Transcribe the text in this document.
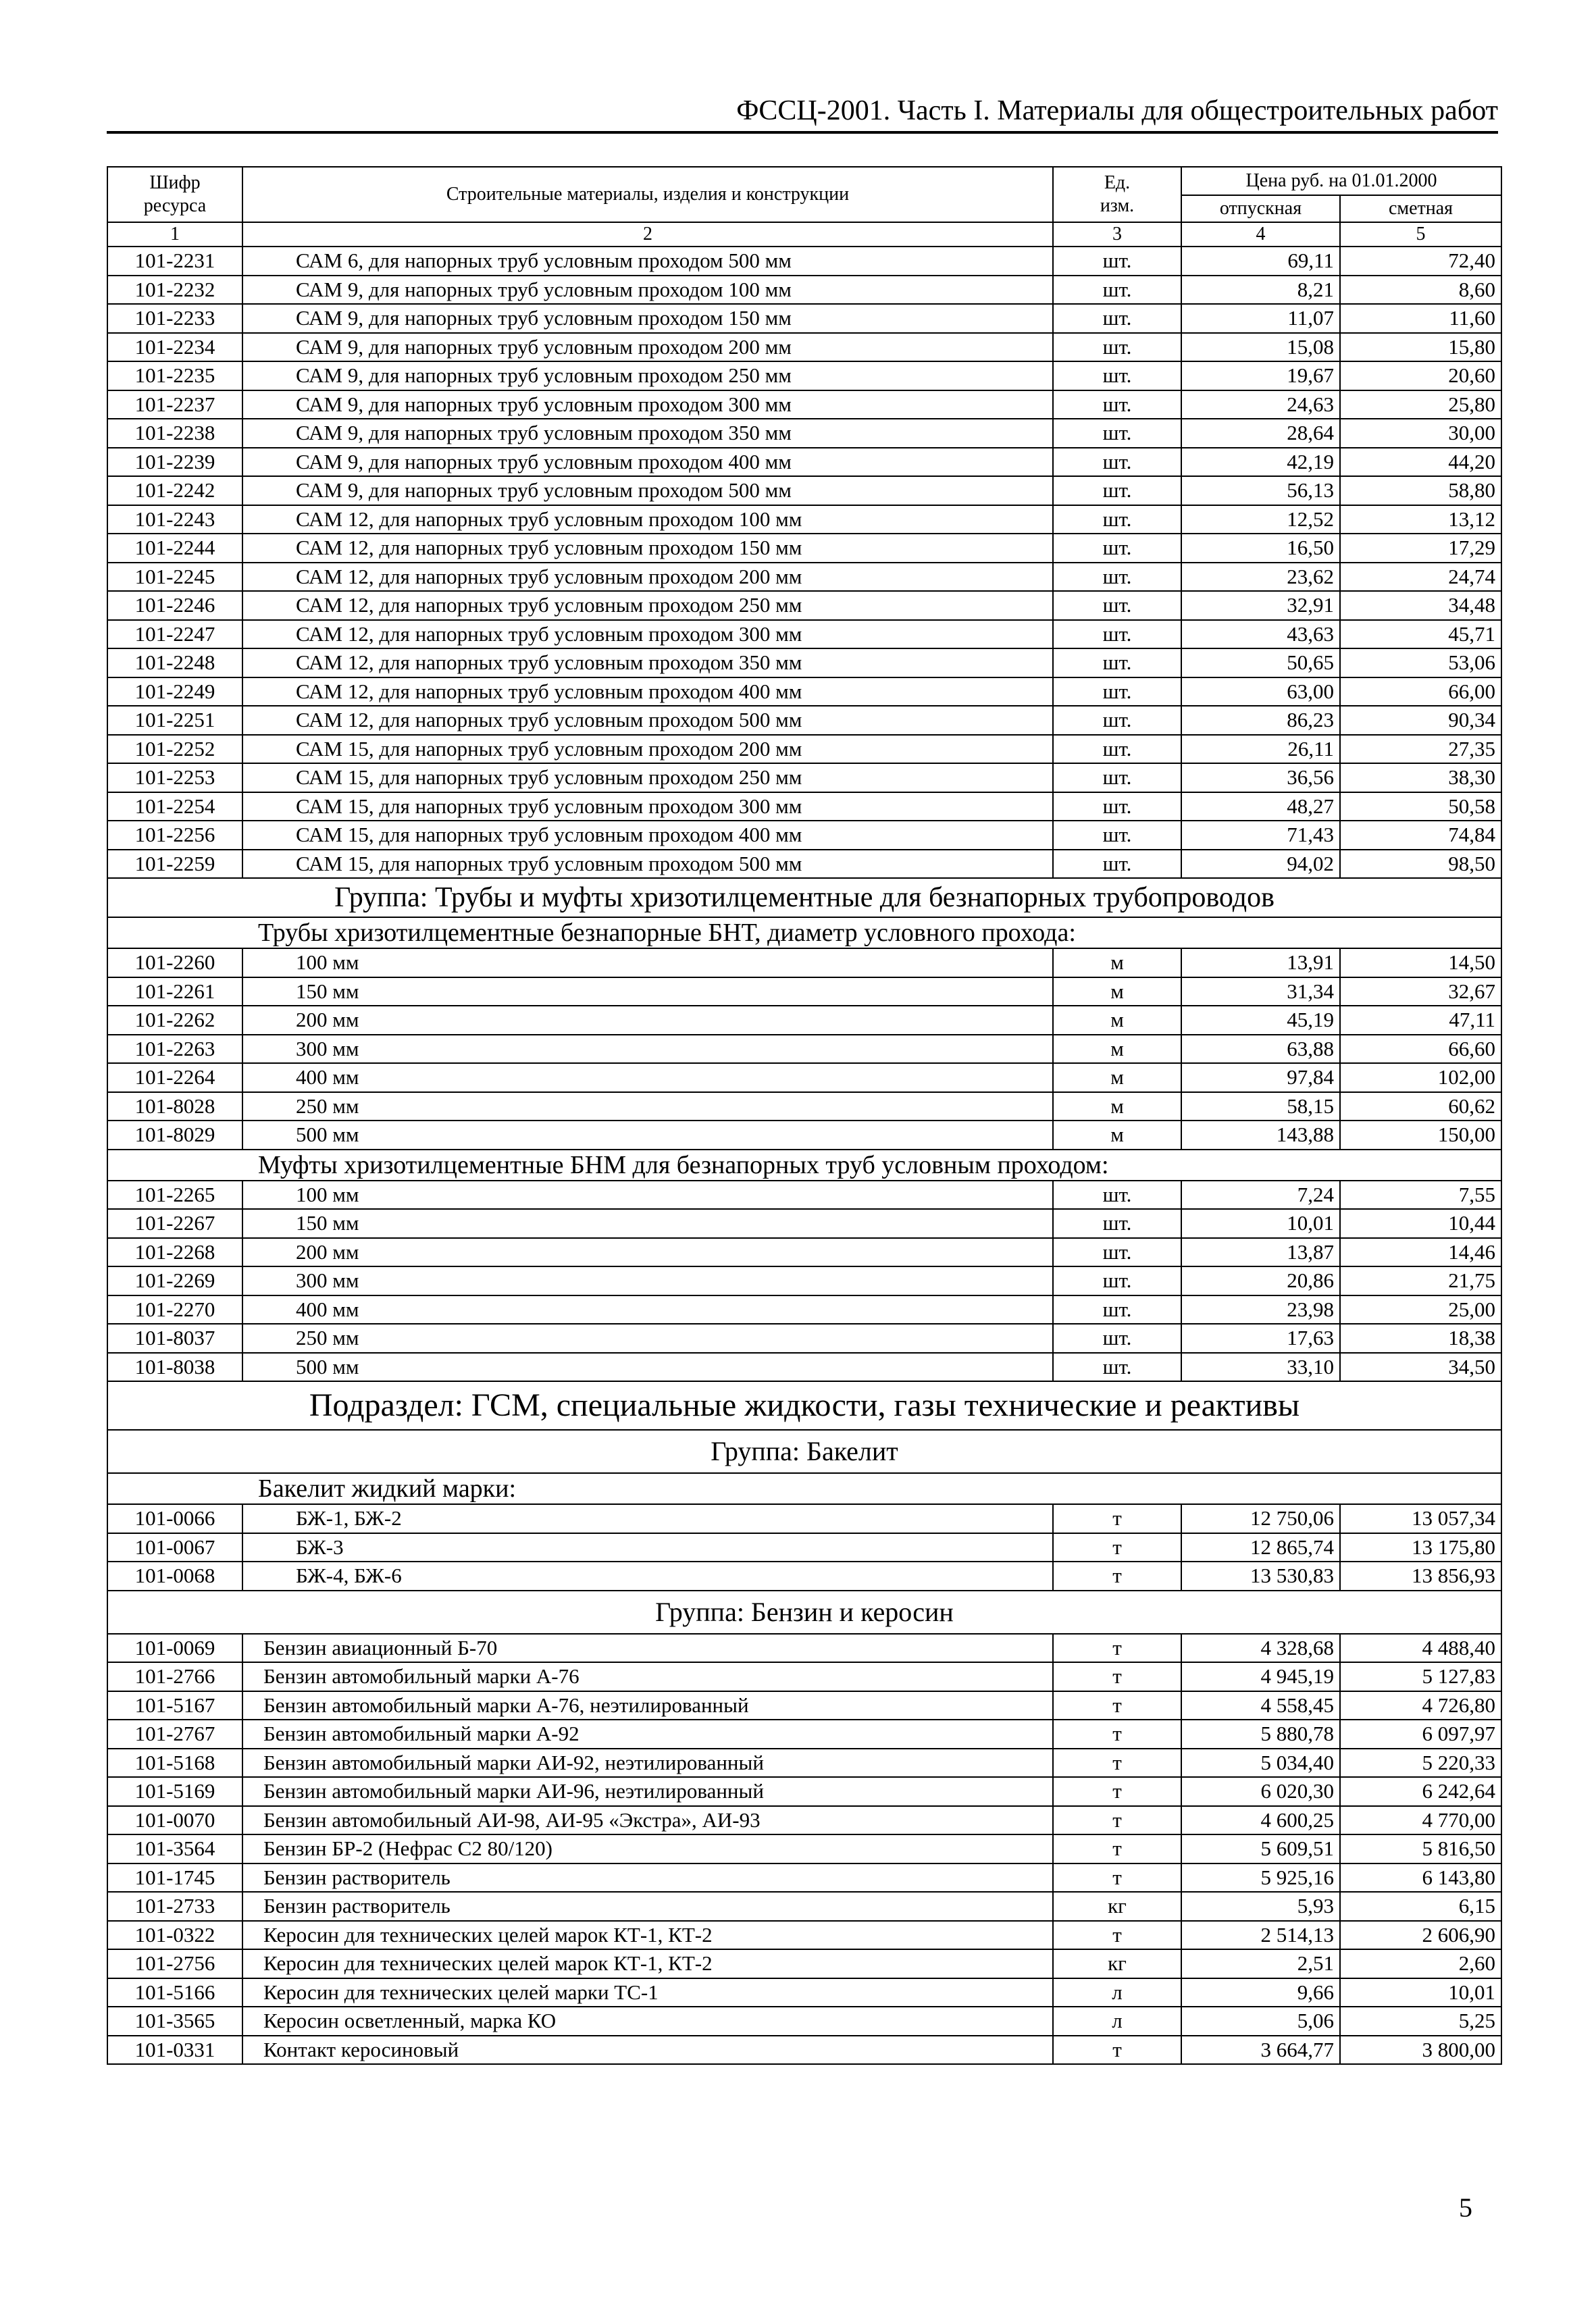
ФССЦ-2001. Часть I. Материалы для общестроительных работ
Шифр
ресурса	Строительные материалы, изделия и конструкции	Ед.
изм.	Цена руб. на 01.01.2000	
			отпускная	сметная
1	2	3	4	5
101-2231	САМ 6, для напорных труб условным проходом 500 мм	шт.	69,11	72,40
101-2232	САМ 9, для напорных труб условным проходом 100 мм	шт.	8,21	8,60
101-2233	САМ 9, для напорных труб условным проходом 150 мм	шт.	11,07	11,60
101-2234	САМ 9, для напорных труб условным проходом 200 мм	шт.	15,08	15,80
101-2235	САМ 9, для напорных труб условным проходом 250 мм	шт.	19,67	20,60
101-2237	САМ 9, для напорных труб условным проходом 300 мм	шт.	24,63	25,80
101-2238	САМ 9, для напорных труб условным проходом 350 мм	шт.	28,64	30,00
101-2239	САМ 9, для напорных труб условным проходом 400 мм	шт.	42,19	44,20
101-2242	САМ 9, для напорных труб условным проходом 500 мм	шт.	56,13	58,80
101-2243	САМ 12, для напорных труб условным проходом 100 мм	шт.	12,52	13,12
101-2244	САМ 12, для напорных труб условным проходом 150 мм	шт.	16,50	17,29
101-2245	САМ 12, для напорных труб условным проходом 200 мм	шт.	23,62	24,74
101-2246	САМ 12, для напорных труб условным проходом 250 мм	шт.	32,91	34,48
101-2247	САМ 12, для напорных труб условным проходом 300 мм	шт.	43,63	45,71
101-2248	САМ 12, для напорных труб условным проходом 350 мм	шт.	50,65	53,06
101-2249	САМ 12, для напорных труб условным проходом 400 мм	шт.	63,00	66,00
101-2251	САМ 12, для напорных труб условным проходом 500 мм	шт.	86,23	90,34
101-2252	САМ 15, для напорных труб условным проходом 200 мм	шт.	26,11	27,35
101-2253	САМ 15, для напорных труб условным проходом 250 мм	шт.	36,56	38,30
101-2254	САМ 15, для напорных труб условным проходом 300 мм	шт.	48,27	50,58
101-2256	САМ 15, для напорных труб условным проходом 400 мм	шт.	71,43	74,84
101-2259	САМ 15, для напорных труб условным проходом 500 мм	шт.	94,02	98,50
Группа: Трубы и муфты хризотилцементные для безнапорных трубопроводов				
Трубы хризотилцементные безнапорные БНТ, диаметр условного прохода:				
101-2260	100 мм	м	13,91	14,50
101-2261	150 мм	м	31,34	32,67
101-2262	200 мм	м	45,19	47,11
101-2263	300 мм	м	63,88	66,60
101-2264	400 мм	м	97,84	102,00
101-8028	250 мм	м	58,15	60,62
101-8029	500 мм	м	143,88	150,00
Муфты хризотилцементные БНМ для безнапорных труб условным проходом:				
101-2265	100 мм	шт.	7,24	7,55
101-2267	150 мм	шт.	10,01	10,44
101-2268	200 мм	шт.	13,87	14,46
101-2269	300 мм	шт.	20,86	21,75
101-2270	400 мм	шт.	23,98	25,00
101-8037	250 мм	шт.	17,63	18,38
101-8038	500 мм	шт.	33,10	34,50
Подраздел: ГСМ, специальные жидкости, газы технические и реактивы				
Группа: Бакелит				
Бакелит жидкий марки:				
101-0066	БЖ-1, БЖ-2	т	12 750,06	13 057,34
101-0067	БЖ-3	т	12 865,74	13 175,80
101-0068	БЖ-4, БЖ-6	т	13 530,83	13 856,93
Группа: Бензин и керосин				
101-0069	Бензин авиационный Б-70	т	4 328,68	4 488,40
101-2766	Бензин автомобильный марки А-76	т	4 945,19	5 127,83
101-5167	Бензин автомобильный марки А-76, неэтилированный	т	4 558,45	4 726,80
101-2767	Бензин автомобильный марки А-92	т	5 880,78	6 097,97
101-5168	Бензин автомобильный марки АИ-92, неэтилированный	т	5 034,40	5 220,33
101-5169	Бензин автомобильный марки АИ-96, неэтилированный	т	6 020,30	6 242,64
101-0070	Бензин автомобильный АИ-98, АИ-95 «Экстра», АИ-93	т	4 600,25	4 770,00
101-3564	Бензин БР-2 (Нефрас С2 80/120)	т	5 609,51	5 816,50
101-1745	Бензин растворитель	т	5 925,16	6 143,80
101-2733	Бензин растворитель	кг	5,93	6,15
101-0322	Керосин для технических целей марок КТ-1, КТ-2	т	2 514,13	2 606,90
101-2756	Керосин для технических целей марок КТ-1, КТ-2	кг	2,51	2,60
101-5166	Керосин для технических целей марки ТС-1	л	9,66	10,01
101-3565	Керосин осветленный, марка КО	л	5,06	5,25
101-0331	Контакт керосиновый	т	3 664,77	3 800,00
5
